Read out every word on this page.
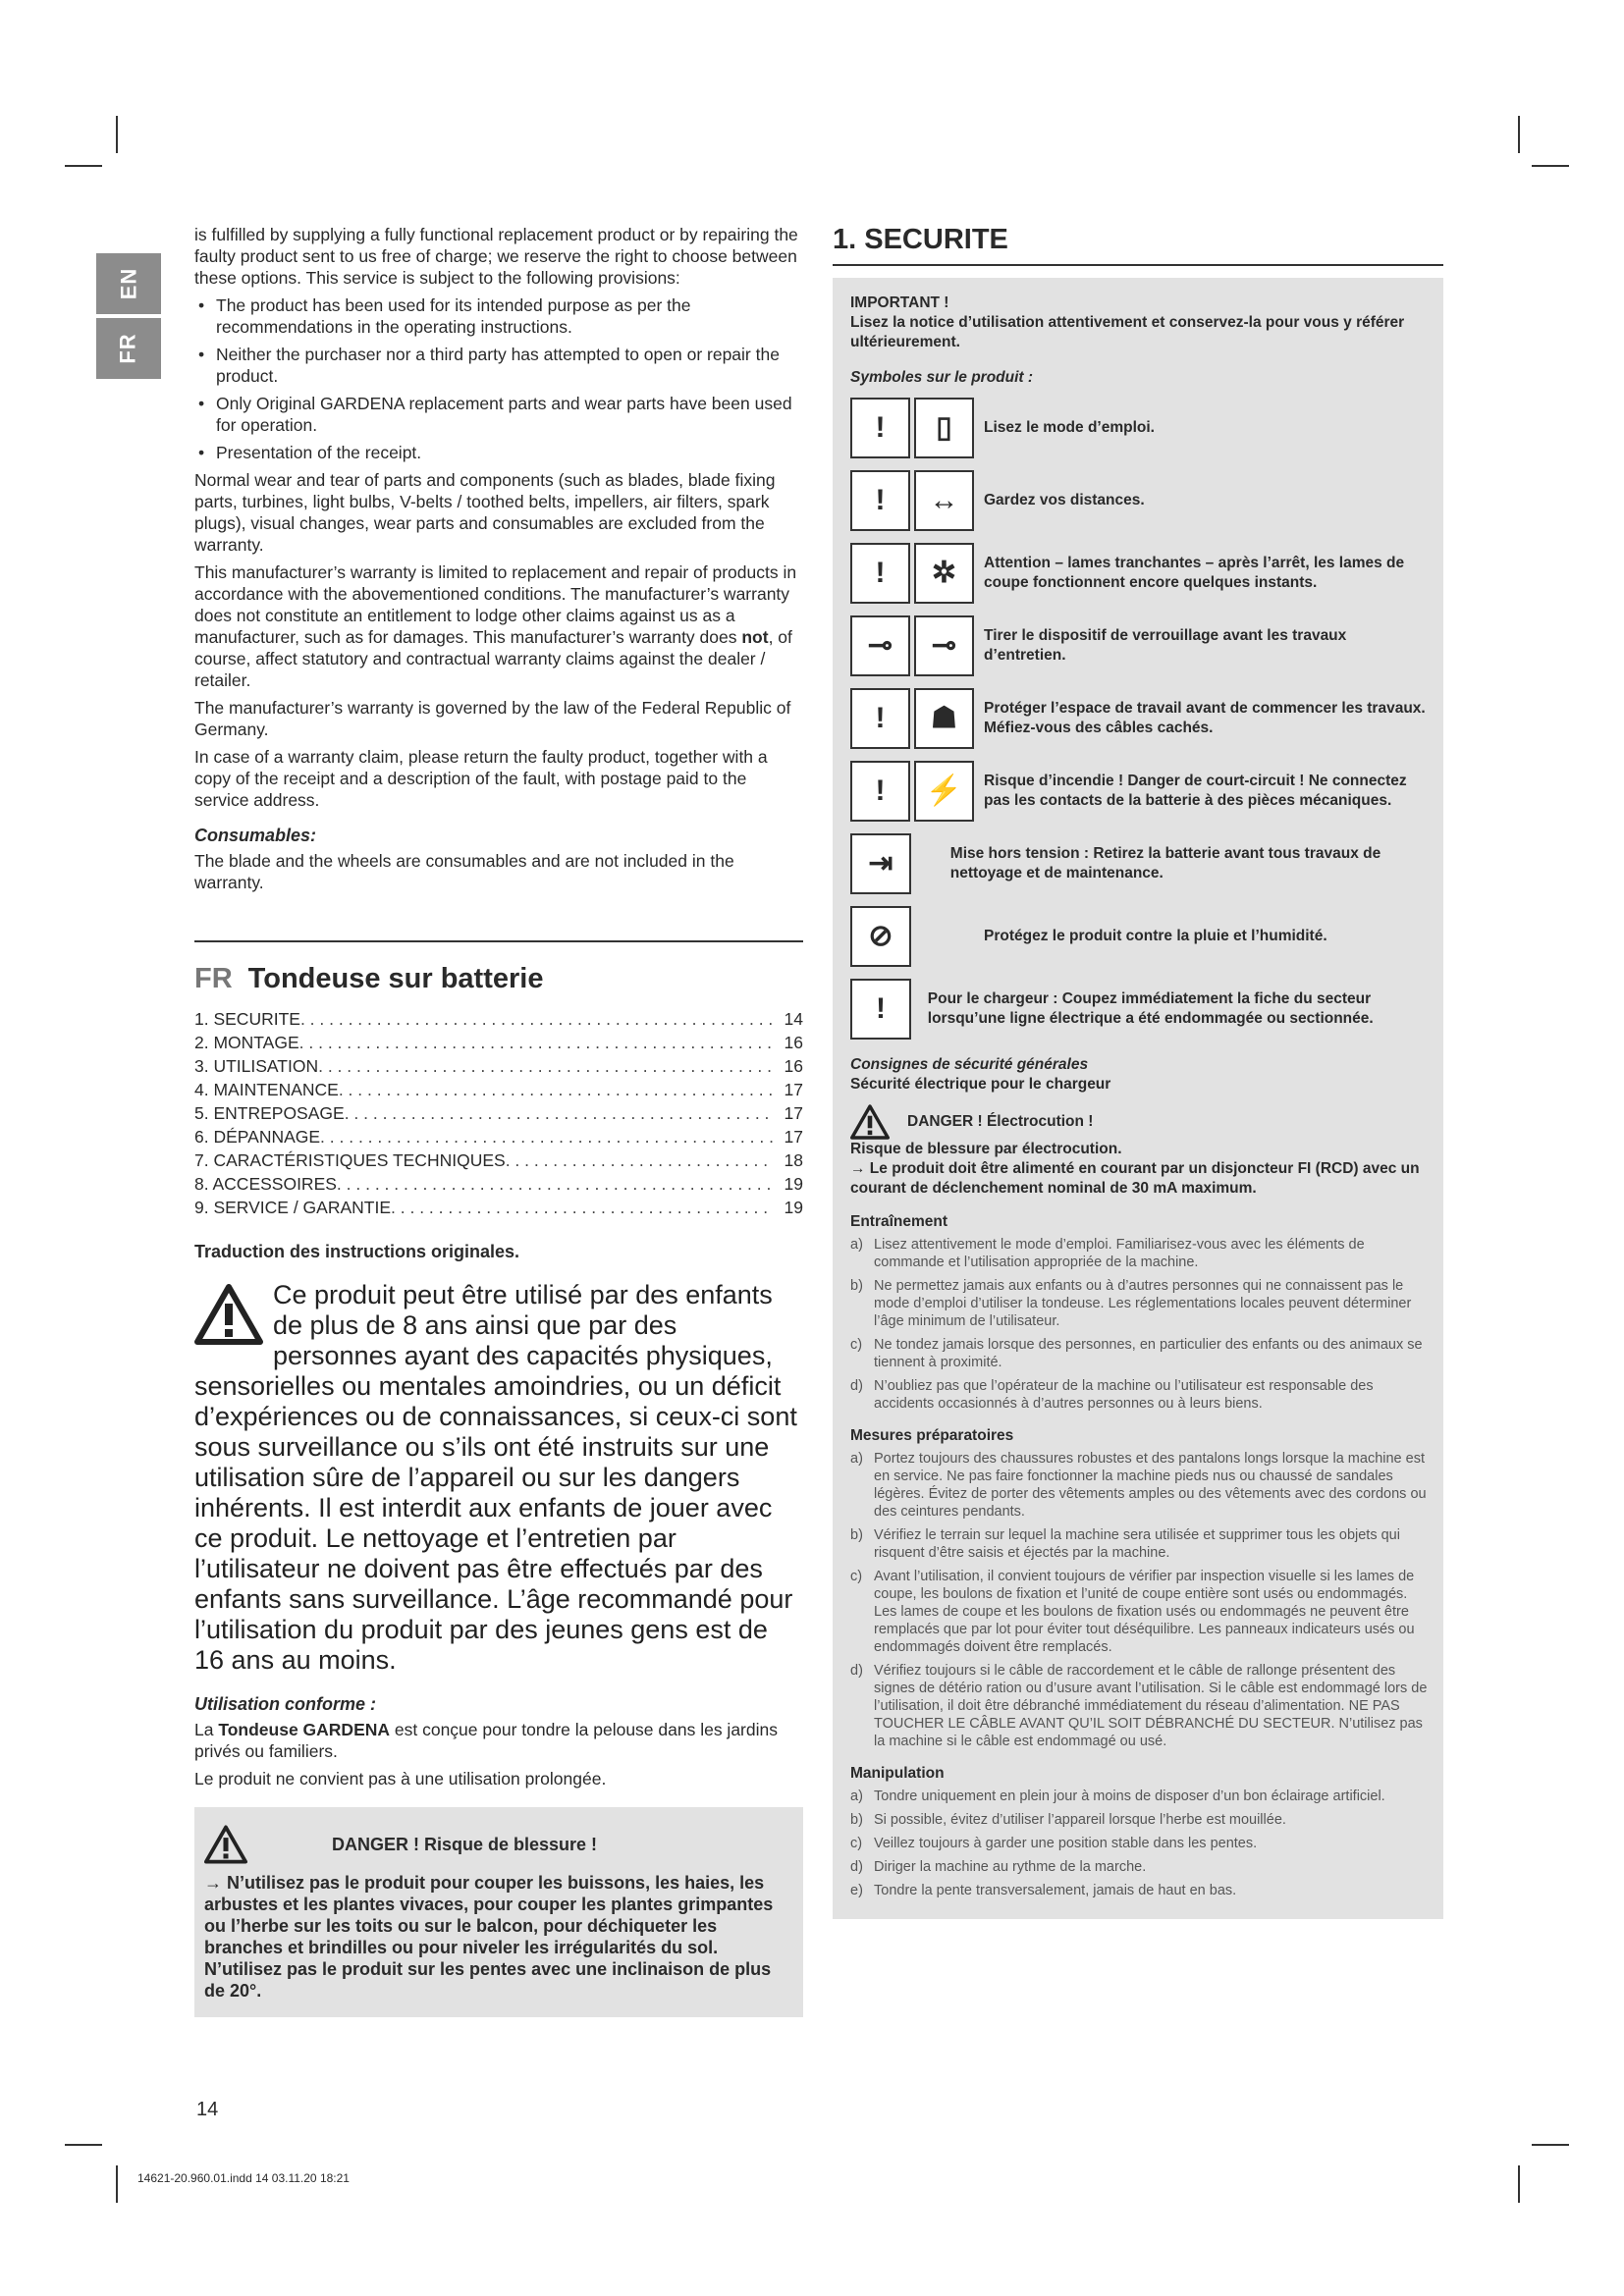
EN
FR

is fulfilled by supplying a fully functional replacement product or by repairing the faulty product sent to us free of charge; we reserve the right to choose between these options. This service is subject to the following provisions:

• The product has been used for its intended purpose as per the recommendations in the operating instructions.
• Neither the purchaser nor a third party has attempted to open or repair the product.
• Only Original GARDENA replacement parts and wear parts have been used for operation.
• Presentation of the receipt.

Normal wear and tear of parts and components (such as blades, blade fixing parts, turbines, light bulbs, V-belts / toothed belts, impellers, air filters, spark plugs), visual changes, wear parts and consumables are excluded from the warranty.

This manufacturer’s warranty is limited to replacement and repair of products in accordance with the abovementioned conditions. The manufacturer’s warranty does not constitute an entitlement to lodge other claims against us as a manufacturer, such as for damages. This manufacturer’s warranty does not, of course, affect statutory and contractual warranty claims against the dealer / retailer.

The manufacturer’s warranty is governed by the law of the Federal Republic of Germany.

In case of a warranty claim, please return the faulty product, together with a copy of the receipt and a description of the fault, with postage paid to the service address.

Consumables:

The blade and the wheels are consumables and are not included in the warranty.

FR Tondeuse sur batterie
1. SECURITE . . .	14
2. MONTAGE . . .	16
3. UTILISATION . . .	16
4. MAINTENANCE . . .	17
5. ENTREPOSAGE . . .	17
6. DÉPANNAGE . . .	17
7. CARACTÉRISTIQUES TECHNIQUES . . .	18
8. ACCESSOIRES . . .	19
9. SERVICE / GARANTIE . . .	19
Traduction des instructions originales.
Ce produit peut être utilisé par des enfants de plus de 8 ans ainsi que par des personnes ayant des capacités physiques, sensorielles ou mentales amoindries, ou un déficit d’expériences ou de connaissances, si ceux-ci sont sous surveillance ou s’ils ont été instruits sur une utilisation sûre de l’appareil ou sur les dangers inhérents. Il est interdit aux enfants de jouer avec ce produit. Le nettoyage et l’entretien par l’utilisateur ne doivent pas être effectués par des enfants sans surveillance. L’âge recommandé pour l’utilisation du produit par des jeunes gens est de 16 ans au moins.
Utilisation conforme :

La Tondeuse GARDENA est conçue pour tondre la pelouse dans les jardins privés ou familiers.

Le produit ne convient pas à une utilisation prolongée.

DANGER ! Risque de blessure !
→ N’utilisez pas le produit pour couper les buissons, les haies, les arbustes et les plantes vivaces, pour couper les plantes grimpantes ou l’herbe sur les toits ou sur le balcon, pour déchiqueter les branches et brindilles ou pour niveler les irrégularités du sol. N’utilisez pas le produit sur les pentes avec une inclinaison de plus de 20°.
1. SECURITE
IMPORTANT !
Lisez la notice d’utilisation attentivement et conservez-la pour vous y référer ultérieurement.
Symboles sur le produit :
!	▯	Lisez le mode d’emploi.
!	↔	Gardez vos distances.
!	✲	Attention – lames tranchantes – après l’arrêt, les lames de coupe fonctionnent encore quelques instants.
⊸	⊸	Tirer le dispositif de verrouillage avant les travaux d’entretien.
!	☗	Protéger l’espace de travail avant de commencer les travaux. Méfiez-vous des câbles cachés.
!	⚡	Risque d’incendie ! Danger de court-circuit ! Ne connectez pas les contacts de la batterie à des pièces mécaniques.
⇥	Mise hors tension : Retirez la batterie avant tous travaux de nettoyage et de maintenance.
⊘	Protégez le produit contre la pluie et l’humidité.
!	Pour le chargeur : Coupez immédiatement la fiche du secteur lorsqu’une ligne électrique a été endommagée ou sectionnée.
Consignes de sécurité générales
Sécurité électrique pour le chargeur
DANGER ! Électrocution !
Risque de blessure par électrocution.
→ Le produit doit être alimenté en courant par un disjoncteur FI (RCD) avec un courant de déclenchement nominal de 30 mA maximum.
Entraînement
a) Lisez attentivement le mode d’emploi. Familiarisez-vous avec les éléments de commande et l’utilisation appropriée de la machine.
b) Ne permettez jamais aux enfants ou à d’autres personnes qui ne connaissent pas le mode d’emploi d’utiliser la tondeuse. Les réglementations locales peuvent déterminer l’âge minimum de l’utilisateur.
c) Ne tondez jamais lorsque des personnes, en particulier des enfants ou des animaux se tiennent à proximité.
d) N’oubliez pas que l’opérateur de la machine ou l’utilisateur est responsable des accidents occasionnés à d’autres personnes ou à leurs biens.
Mesures préparatoires
a) Portez toujours des chaussures robustes et des pantalons longs lorsque la machine est en service. Ne pas faire fonctionner la machine pieds nus ou chaussé de sandales légères. Évitez de porter des vêtements amples ou des vêtements avec des cordons ou des ceintures pendants.
b) Vérifiez le terrain sur lequel la machine sera utilisée et supprimer tous les objets qui risquent d’être saisis et éjectés par la machine.
c) Avant l’utilisation, il convient toujours de vérifier par inspection visuelle si les lames de coupe, les boulons de fixation et l’unité de coupe entière sont usés ou endommagés. Les lames de coupe et les boulons de fixation usés ou endommagés ne peuvent être remplacés que par lot pour éviter tout déséquilibre. Les panneaux indicateurs usés ou endommagés doivent être remplacés.
d) Vérifiez toujours si le câble de raccordement et le câble de rallonge présentent des signes de détério ration ou d’usure avant l’utilisation. Si le câble est endommagé lors de l’utilisation, il doit être débranché immédiatement du réseau d’alimentation. NE PAS TOUCHER LE CÂBLE AVANT QU’IL SOIT DÉBRANCHÉ DU SECTEUR. N’utilisez pas la machine si le câble est endommagé ou usé.
Manipulation
a) Tondre uniquement en plein jour à moins de disposer d’un bon éclairage artificiel.
b) Si possible, évitez d’utiliser l’appareil lorsque l’herbe est mouillée.
c) Veillez toujours à garder une position stable dans les pentes.
d) Diriger la machine au rythme de la marche.
e) Tondre la pente transversalement, jamais de haut en bas.
14
14621-20.960.01.indd 14 03.11.20 18:21
